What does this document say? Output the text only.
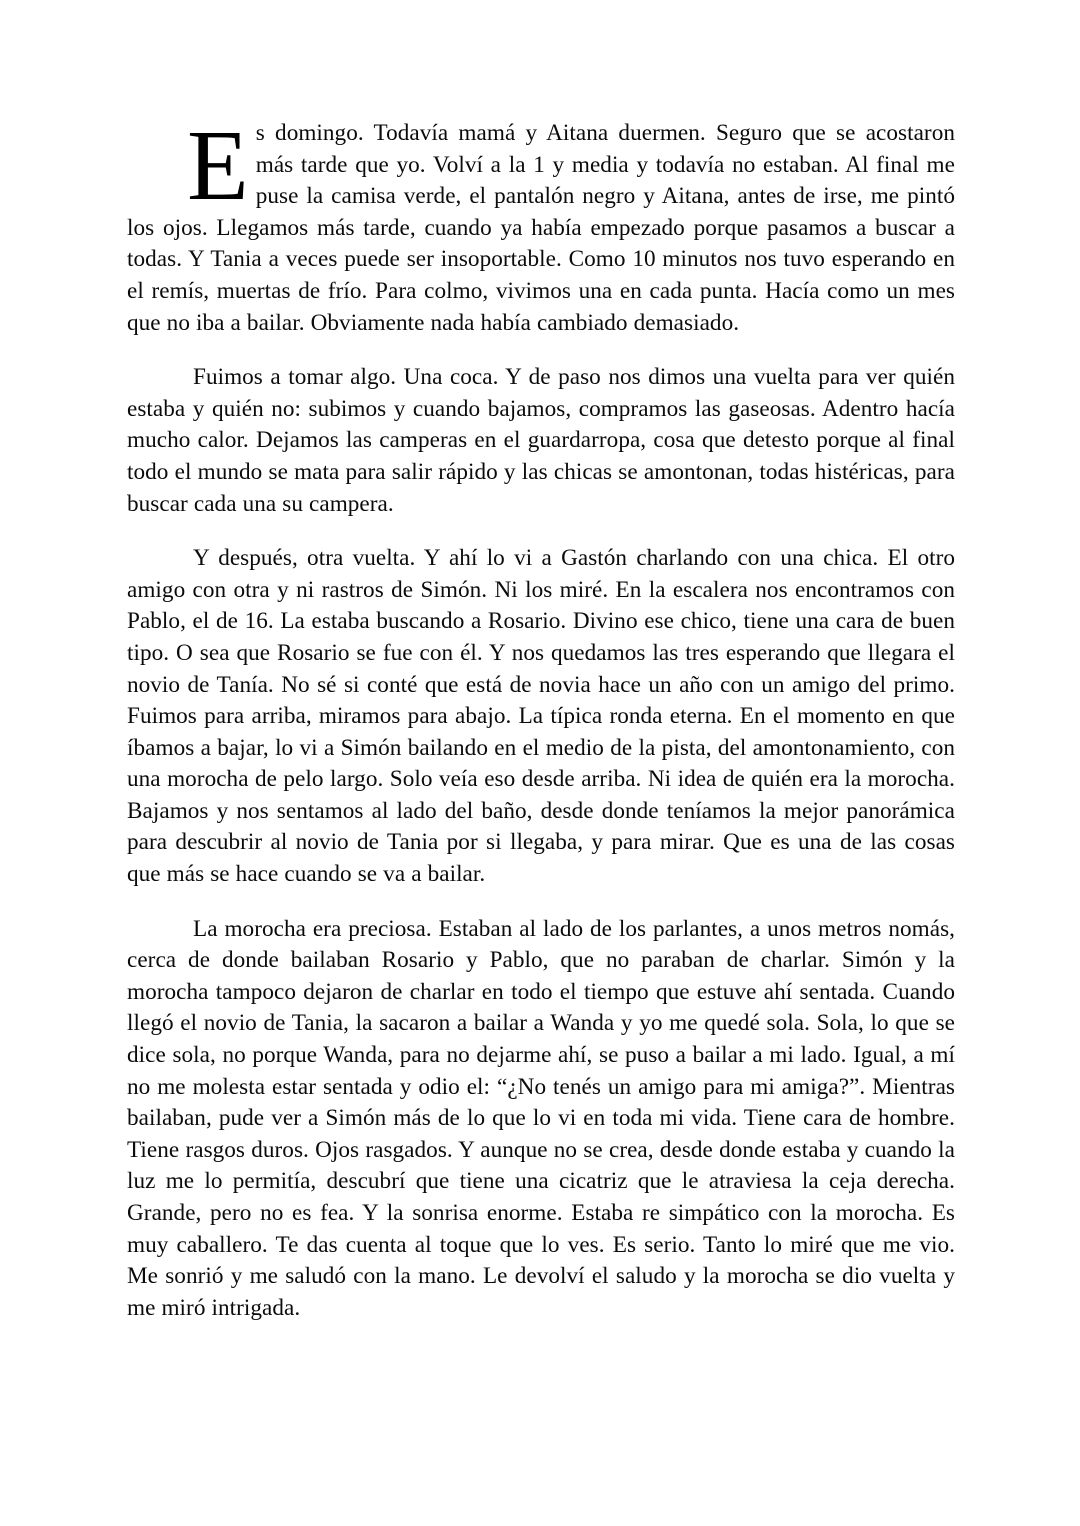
Es domingo. Todavía mamá y Aitana duermen. Seguro que se acostaron más tarde que yo. Volví a la 1 y media y todavía no estaban. Al final me puse la camisa verde, el pantalón negro y Aitana, antes de irse, me pintó los ojos. Llegamos más tarde, cuando ya había empezado porque pasamos a buscar a todas. Y Tania a veces puede ser insoportable. Como 10 minutos nos tuvo esperando en el remís, muertas de frío. Para colmo, vivimos una en cada punta. Hacía como un mes que no iba a bailar. Obviamente nada había cambiado demasiado.

Fuimos a tomar algo. Una coca. Y de paso nos dimos una vuelta para ver quién estaba y quién no: subimos y cuando bajamos, compramos las gaseosas. Adentro hacía mucho calor. Dejamos las camperas en el guardarropa, cosa que detesto porque al final todo el mundo se mata para salir rápido y las chicas se amontonan, todas histéricas, para buscar cada una su campera.

Y después, otra vuelta. Y ahí lo vi a Gastón charlando con una chica. El otro amigo con otra y ni rastros de Simón. Ni los miré. En la escalera nos encontramos con Pablo, el de 16. La estaba buscando a Rosario. Divino ese chico, tiene una cara de buen tipo. O sea que Rosario se fue con él. Y nos quedamos las tres esperando que llegara el novio de Tanía. No sé si conté que está de novia hace un año con un amigo del primo. Fuimos para arriba, miramos para abajo. La típica ronda eterna. En el momento en que íbamos a bajar, lo vi a Simón bailando en el medio de la pista, del amontonamiento, con una morocha de pelo largo. Solo veía eso desde arriba. Ni idea de quién era la morocha. Bajamos y nos sentamos al lado del baño, desde donde teníamos la mejor panorámica para descubrir al novio de Tania por si llegaba, y para mirar. Que es una de las cosas que más se hace cuando se va a bailar.

La morocha era preciosa. Estaban al lado de los parlantes, a unos metros nomás, cerca de donde bailaban Rosario y Pablo, que no paraban de charlar. Simón y la morocha tampoco dejaron de charlar en todo el tiempo que estuve ahí sentada. Cuando llegó el novio de Tania, la sacaron a bailar a Wanda y yo me quedé sola. Sola, lo que se dice sola, no porque Wanda, para no dejarme ahí, se puso a bailar a mi lado. Igual, a mí no me molesta estar sentada y odio el: “¿No tenés un amigo para mi amiga?”. Mientras bailaban, pude ver a Simón más de lo que lo vi en toda mi vida. Tiene cara de hombre. Tiene rasgos duros. Ojos rasgados. Y aunque no se crea, desde donde estaba y cuando la luz me lo permitía, descubrí que tiene una cicatriz que le atraviesa la ceja derecha. Grande, pero no es fea. Y la sonrisa enorme. Estaba re simpático con la morocha. Es muy caballero. Te das cuenta al toque que lo ves. Es serio. Tanto lo miré que me vio. Me sonrió y me saludó con la mano. Le devolví el saludo y la morocha se dio vuelta y me miró intrigada.
